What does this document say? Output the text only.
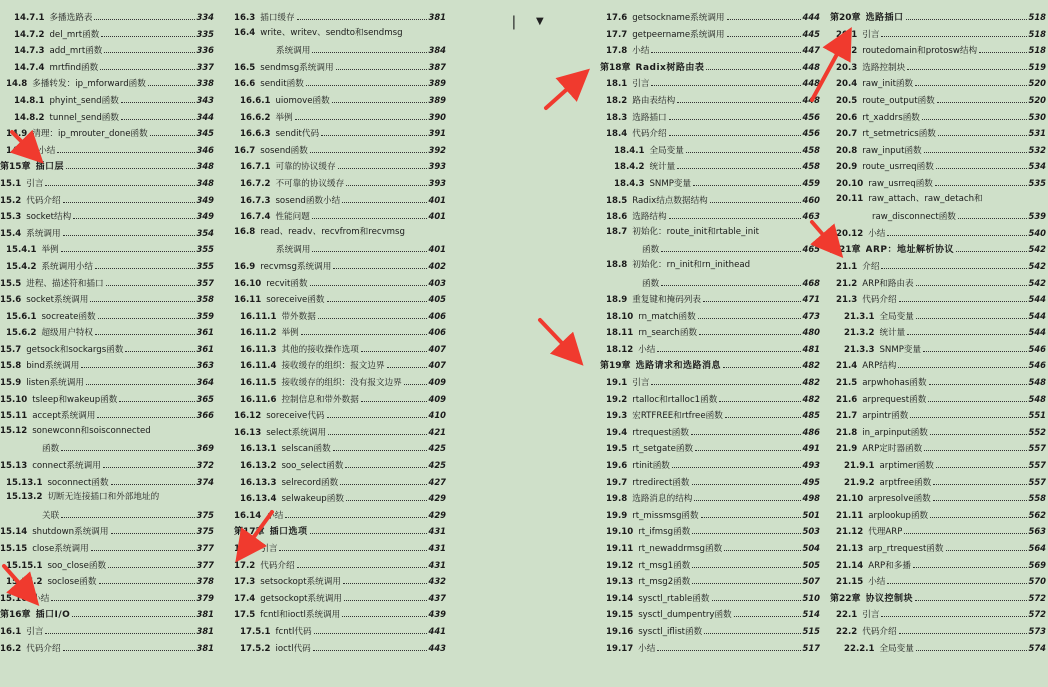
14.7.1 多播选路表	334
14.7.2 del_mrt函数	335
14.7.3 add_mrt函数	336
14.7.4 mrtfind函数	337
14.8 多播转发：ip_mforward函数	338
14.8.1 phyint_send函数	343
14.8.2 tunnel_send函数	344
14.9 清理：ip_mrouter_done函数	345
14.10 小结	346
第15章 插口层	348
15.1 引言	348
15.2 代码介绍	349
15.3 socket结构	349
15.4 系统调用	354
15.4.1 举例	355
15.4.2 系统调用小结	355
15.5 进程、描述符和插口	357
15.6 socket系统调用	358
15.6.1 socreate函数	359
15.6.2 超级用户特权	361
15.7 getsock和sockargs函数	361
15.8 bind系统调用	363
15.9 listen系统调用	364
15.10 tsleep和wakeup函数	365
15.11 accept系统调用	366
15.12 sonewconn和soisconnected
函数	369
15.13 connect系统调用	372
15.13.1 soconnect函数	374
15.13.2 切断无连接插口和外部地址的
关联	375
15.14 shutdown系统调用	375
15.15 close系统调用	377
15.15.1 soo_close函数	377
15.15.2 soclose函数	378
15.16 小结	379
第16章 插口I/O	381
16.1 引言	381
16.2 代码介绍	381
16.3 插口缓存	381
16.4 write、writev、sendto和sendmsg
系统调用	384
16.5 sendmsg系统调用	387
16.6 sendit函数	389
16.6.1 uiomove函数	389
16.6.2 举例	390
16.6.3 sendit代码	391
16.7 sosend函数	392
16.7.1 可靠的协议缓存	393
16.7.2 不可靠的协议缓存	393
16.7.3 sosend函数小结	401
16.7.4 性能问题	401
16.8 read、readv、recvfrom和recvmsg
系统调用	401
16.9 recvmsg系统调用	402
16.10 recvit函数	403
16.11 soreceive函数	405
16.11.1 带外数据	406
16.11.2 举例	406
16.11.3 其他的接收操作选项	407
16.11.4 接收缓存的组织：报文边界	407
16.11.5 接收缓存的组织：没有报文边界	409
16.11.6 控制信息和带外数据	409
16.12 soreceive代码	410
16.13 select系统调用	421
16.13.1 selscan函数	425
16.13.2 soo_select函数	425
16.13.3 selrecord函数	427
16.13.4 selwakeup函数	429
16.14 小结	429
第17章 插口选项	431
17.1 引言	431
17.2 代码介绍	431
17.3 setsockopt系统调用	432
17.4 getsockopt系统调用	437
17.5 fcntl和ioctl系统调用	439
17.5.1 fcntl代码	441
17.5.2 ioctl代码	443
❘ ▼	17.6 getsockname系统调用	444
17.7 getpeername系统调用	445
17.8 小结	447
第18章 Radix树路由表	448
18.1 引言	448
18.2 路由表结构	448
18.3 选路插口	456
18.4 代码介绍	456
18.4.1 全局变量	458
18.4.2 统计量	458
18.4.3 SNMP变量	459
18.5 Radix结点数据结构	460
18.6 选路结构	463
18.7 初始化：route_init和rtable_init
函数	465
18.8 初始化：rn_init和rn_inithead
函数	468
18.9 重复键和掩码列表	471
18.10 rn_match函数	473
18.11 rn_search函数	480
18.12 小结	481
第19章 选路请求和选路消息	482
19.1 引言	482
19.2 rtalloc和rtalloc1函数	482
19.3 宏RTFREE和rtfree函数	485
19.4 rtrequest函数	486
19.5 rt_setgate函数	491
19.6 rtinit函数	493
19.7 rtredirect函数	495
19.8 选路消息的结构	498
19.9 rt_missmsg函数	501
19.10 rt_ifmsg函数	503
19.11 rt_newaddrmsg函数	504
19.12 rt_msg1函数	505
19.13 rt_msg2函数	507
19.14 sysctl_rtable函数	510
19.15 sysctl_dumpentry函数	514
19.16 sysctl_iflist函数	515
19.17 小结	517
第20章 选路插口	518
20.1 引言	518
20.2 routedomain和protosw结构	518
20.3 选路控制块	519
20.4 raw_init函数	520
20.5 route_output函数	520
20.6 rt_xaddrs函数	530
20.7 rt_setmetrics函数	531
20.8 raw_input函数	532
20.9 route_usrreq函数	534
20.10 raw_usrreq函数	535
20.11 raw_attach、raw_detach和
raw_disconnect函数	539
20.12 小结	540
第21章 ARP：地址解析协议	542
21.1 介绍	542
21.2 ARP和路由表	542
21.3 代码介绍	544
21.3.1 全局变量	544
21.3.2 统计量	544
21.3.3 SNMP变量	546
21.4 ARP结构	546
21.5 arpwhohas函数	548
21.6 arprequest函数	548
21.7 arpintr函数	551
21.8 in_arpinput函数	552
21.9 ARP定时器函数	557
21.9.1 arptimer函数	557
21.9.2 arptfree函数	557
21.10 arpresolve函数	558
21.11 arplookup函数	562
21.12 代理ARP	563
21.13 arp_rtrequest函数	564
21.14 ARP和多播	569
21.15 小结	570
第22章 协议控制块	572
22.1 引言	572
22.2 代码介绍	573
22.2.1 全局变量	574
